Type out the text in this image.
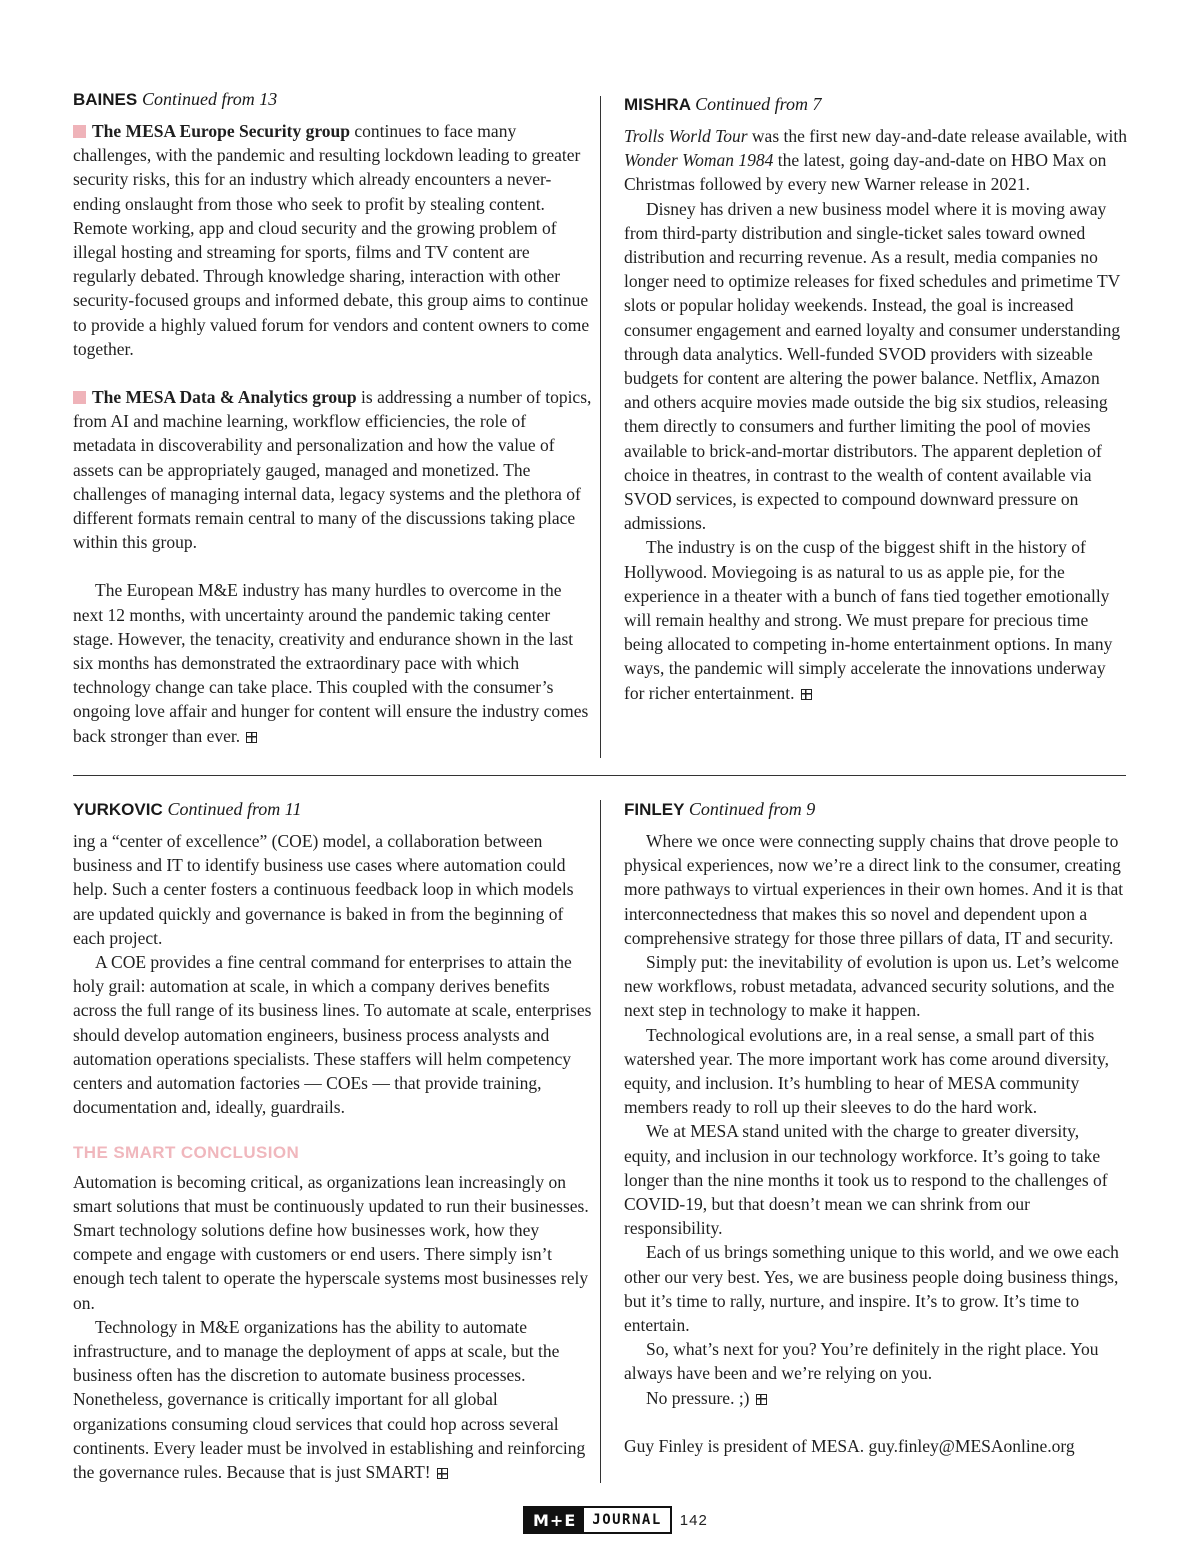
BAINES Continued from 13

The MESA Europe Security group continues to face many challenges, with the pandemic and resulting lockdown leading to greater security risks, this for an industry which already encounters a never-ending onslaught from those who seek to profit by stealing content. Remote working, app and cloud security and the growing problem of illegal hosting and streaming for sports, films and TV content are regularly debated. Through knowledge sharing, interaction with other security-focused groups and informed debate, this group aims to continue to provide a highly valued forum for vendors and content owners to come together.

The MESA Data & Analytics group is addressing a number of topics, from AI and machine learning, workflow efficiencies, the role of metadata in discoverability and personalization and how the value of assets can be appropriately gauged, managed and monetized. The challenges of managing internal data, legacy systems and the plethora of different formats remain central to many of the discussions taking place within this group.

The European M&E industry has many hurdles to overcome in the next 12 months, with uncertainty around the pandemic taking center stage. However, the tenacity, creativity and endurance shown in the last six months has demonstrated the extraordinary pace with which technology change can take place. This coupled with the consumer’s ongoing love affair and hunger for content will ensure the industry comes back stronger than ever.

MISHRA Continued from 7

Trolls World Tour was the first new day-and-date release available, with Wonder Woman 1984 the latest, going day-and-date on HBO Max on Christmas followed by every new Warner release in 2021.

Disney has driven a new business model where it is moving away from third-party distribution and single-ticket sales toward owned distribution and recurring revenue. As a result, media companies no longer need to optimize releases for fixed schedules and primetime TV slots or popular holiday weekends. Instead, the goal is increased consumer engagement and earned loyalty and consumer understanding through data analytics. Well-funded SVOD providers with sizeable budgets for content are altering the power balance. Netflix, Amazon and others acquire movies made outside the big six studios, releasing them directly to consumers and further limiting the pool of movies available to brick-and-mortar distributors. The apparent depletion of choice in theatres, in contrast to the wealth of content available via SVOD services, is expected to compound downward pressure on admissions.

The industry is on the cusp of the biggest shift in the history of Hollywood. Moviegoing is as natural to us as apple pie, for the experience in a theater with a bunch of fans tied together emotionally will remain healthy and strong. We must prepare for precious time being allocated to competing in-home entertainment options. In many ways, the pandemic will simply accelerate the innovations underway for richer entertainment.

YURKOVIC Continued from 11

ing a “center of excellence” (COE) model, a collaboration between business and IT to identify business use cases where automation could help. Such a center fosters a continuous feedback loop in which models are updated quickly and governance is baked in from the beginning of each project.

A COE provides a fine central command for enterprises to attain the holy grail: automation at scale, in which a company derives benefits across the full range of its business lines. To automate at scale, enterprises should develop automation engineers, business process analysts and automation operations specialists. These staffers will helm competency centers and automation factories — COEs — that provide training, documentation and, ideally, guardrails.

THE SMART CONCLUSION

Automation is becoming critical, as organizations lean increasingly on smart solutions that must be continuously updated to run their businesses. Smart technology solutions define how businesses work, how they compete and engage with customers or end users. There simply isn’t enough tech talent to operate the hyperscale systems most businesses rely on.

Technology in M&E organizations has the ability to automate infrastructure, and to manage the deployment of apps at scale, but the business often has the discretion to automate business processes. Nonetheless, governance is critically important for all global organizations consuming cloud services that could hop across several continents. Every leader must be involved in establishing and reinforcing the governance rules. Because that is just SMART!

FINLEY Continued from 9

Where we once were connecting supply chains that drove people to physical experiences, now we’re a direct link to the consumer, creating more pathways to virtual experiences in their own homes. And it is that interconnectedness that makes this so novel and dependent upon a comprehensive strategy for those three pillars of data, IT and security.

Simply put: the inevitability of evolution is upon us. Let’s welcome new workflows, robust metadata, advanced security solutions, and the next step in technology to make it happen.

Technological evolutions are, in a real sense, a small part of this watershed year. The more important work has come around diversity, equity, and inclusion. It’s humbling to hear of MESA community members ready to roll up their sleeves to do the hard work.

We at MESA stand united with the charge to greater diversity, equity, and inclusion in our technology workforce. It’s going to take longer than the nine months it took us to respond to the challenges of COVID-19, but that doesn’t mean we can shrink from our responsibility.

Each of us brings something unique to this world, and we owe each other our very best. Yes, we are business people doing business things, but it’s time to rally, nurture, and inspire. It’s to grow. It’s time to entertain.

So, what’s next for you? You’re definitely in the right place. You always have been and we’re relying on you.

No pressure. ;)

Guy Finley is president of MESA. guy.finley@MESAonline.org

M+E	JOURNAL	142
